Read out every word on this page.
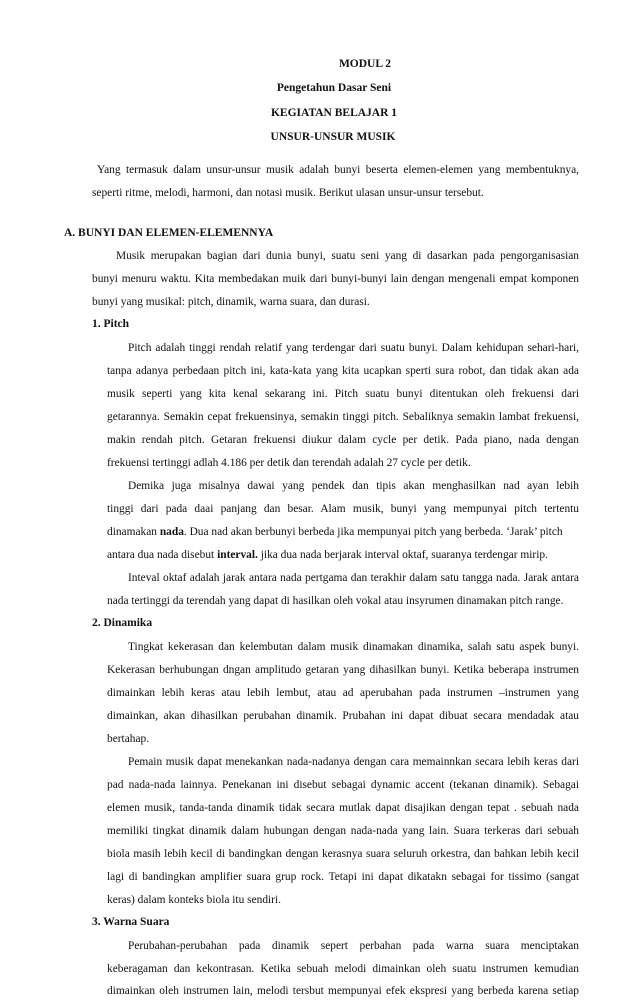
MODUL 2
Pengetahun Dasar Seni
KEGIATAN BELAJAR 1
UNSUR-UNSUR MUSIK
Yang termasuk dalam unsur-unsur musik adalah bunyi beserta elemen-elemen yang membentuknya,
seperti ritme, melodi, harmoni, dan notasi musik. Berikut ulasan unsur-unsur tersebut.
A. BUNYI DAN ELEMEN-ELEMENNYA
Musik merupakan bagian dari dunia bunyi, suatu seni yang di dasarkan pada pengorganisasian
bunyi menuru waktu. Kita membedakan muik dari bunyi-bunyi lain dengan mengenali empat komponen
bunyi yang musikal: pitch, dinamik, warna suara, dan durasi.
1. Pitch
Pitch adalah tinggi rendah relatif yang terdengar dari suatu bunyi. Dalam kehidupan sehari-hari,
tanpa adanya perbedaan pitch ini, kata-kata yang kita ucapkan sperti sura robot, dan tidak akan ada
musik seperti yang kita kenal sekarang ini. Pitch suatu bunyi ditentukan oleh frekuensi dari
getarannya. Semakin cepat frekuensinya, semakin tinggi pitch. Sebaliknya semakin lambat frekuensi,
makin rendah pitch. Getaran frekuensi diukur dalam cycle per detik. Pada piano, nada dengan
frekuensi tertinggi adlah 4.186 per detik dan terendah adalah 27 cycle per detik.
Demika juga misalnya dawai yang pendek dan tipis akan menghasilkan nad ayan lebih
tinggi dari pada daai panjang dan besar. Alam musik, bunyi yang mempunyai pitch tertentu
dinamakan nada. Dua nad akan berbunyi berbeda jika mempunyai pitch yang berbeda. ‘Jarak’ pitch
antara dua nada disebut interval. jika dua nada berjarak interval oktaf, suaranya terdengar mirip.
Inteval oktaf adalah jarak antara nada pertgama dan terakhir dalam satu tangga nada. Jarak antara
nada tertinggi da terendah yang dapat di hasilkan oleh vokal atau insyrumen dinamakan pitch range.
2. Dinamika
Tingkat kekerasan dan kelembutan dalam musik dinamakan dinamika, salah satu aspek bunyi.
Kekerasan berhubungan dngan amplitudo getaran yang dihasilkan bunyi. Ketika beberapa instrumen
dimainkan lebih keras atau lebih lembut, atau ad aperubahan pada instrumen –instrumen yang
dimainkan, akan dihasilkan perubahan dinamik. Prubahan ini dapat dibuat secara mendadak atau
bertahap.
Pemain musik dapat menekankan nada-nadanya dengan cara memainnkan secara lebih keras dari
pad nada-nada lainnya. Penekanan ini disebut sebagai dynamic accent (tekanan dinamik). Sebagai
elemen musik, tanda-tanda dinamik tidak secara mutlak dapat disajikan dengan tepat . sebuah nada
memiliki tingkat dinamik dalam hubungan dengan nada-nada yang lain. Suara terkeras dari sebuah
biola masih lebih kecil di bandingkan dengan kerasnya suara seluruh orkestra, dan bahkan lebih kecil
lagi di bandingkan amplifier suara grup rock. Tetapi ini dapat dikatakn sebagai for tissimo (sangat
keras) dalam konteks biola itu sendiri.
3. Warna Suara
Perubahan-perubahan pada dinamik sepert perbahan pada warna suara menciptakan
keberagaman dan kekontrasan. Ketika sebuah melodi dimainkan oleh suatu instrumen kemudian
dimainkan oleh instrumen lain, melodi tersbut mempunyai efek ekspresi yang berbeda karena setiap
